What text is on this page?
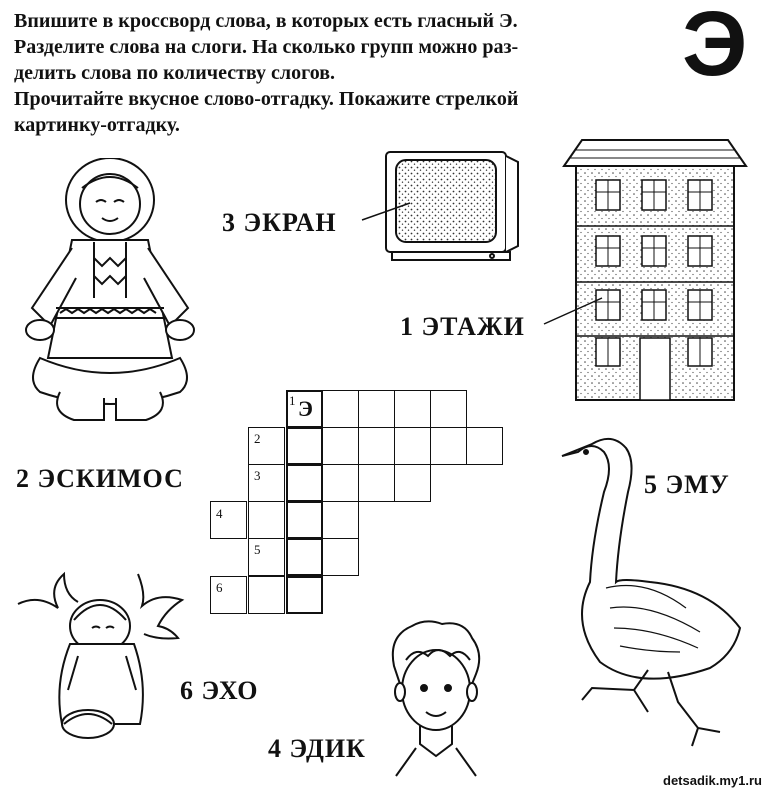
Впишите в кроссворд слова, в которых есть гласный Э.

Разделите слова на слоги. На сколько групп можно раз-

делить слова по количеству слогов.

Прочитайте вкусное слово-отгадку. Покажите стрелкой

картинку-отгадку.

Э
3 ЭКРАН
1 ЭТАЖИ
1 Э
2
3
4
5
6
2 ЭСКИМОС	5 ЭМУ
6 ЭХО
4 ЭДИК
detsadik.my1.ru
